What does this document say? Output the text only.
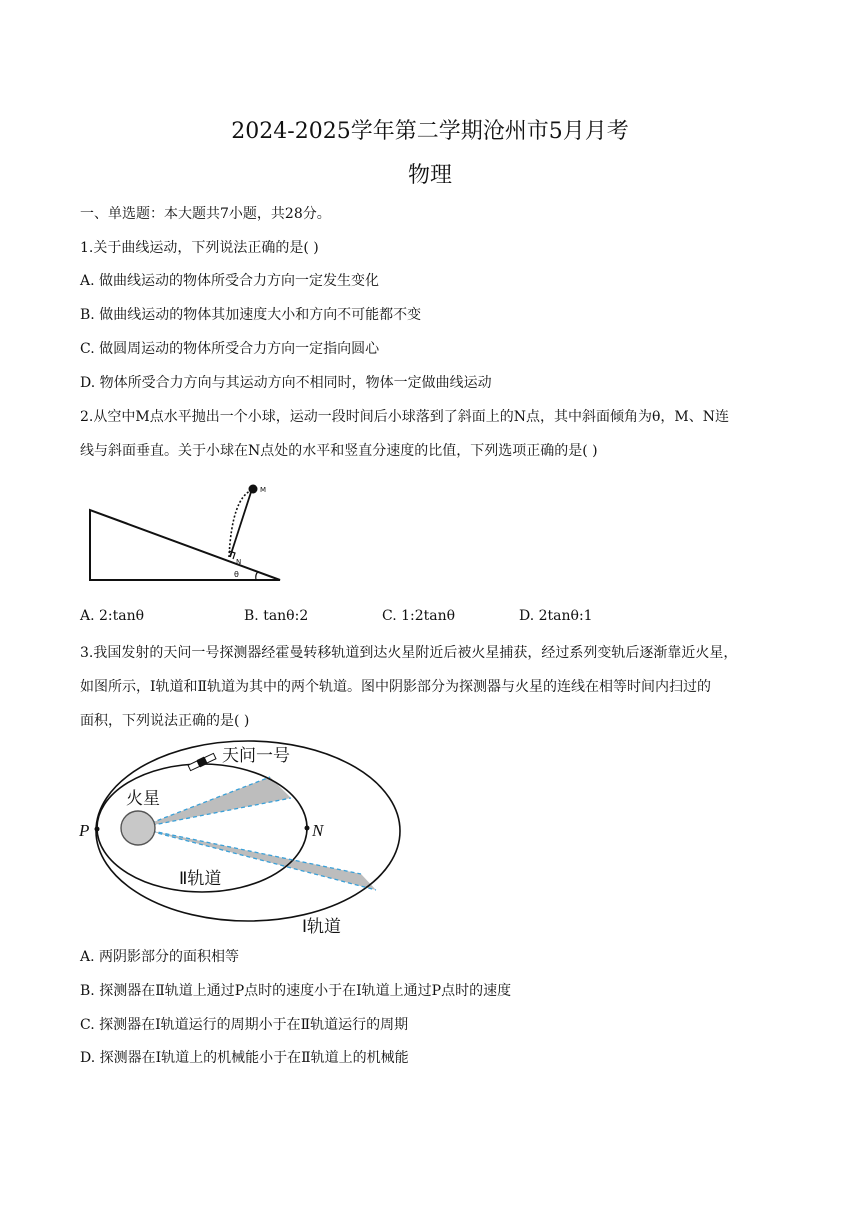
2024-2025学年第二学期沧州市5月月考
物理
一、单选题：本大题共7小题，共28分。
1.关于曲线运动，下列说法正确的是( )
A. 做曲线运动的物体所受合力方向一定发生变化
B. 做曲线运动的物体其加速度大小和方向不可能都不变
C. 做圆周运动的物体所受合力方向一定指向圆心
D. 物体所受合力方向与其运动方向不相同时，物体一定做曲线运动
2.从空中M点水平抛出一个小球，运动一段时间后小球落到了斜面上的N点，其中斜面倾角为θ，M、N连
线与斜面垂直。关于小球在N点处的水平和竖直分速度的比值，下列选项正确的是( )
M
N
θ
A. 2:tanθ	B. tanθ:2	C. 1:2tanθ	D. 2tanθ:1
3.我国发射的天问一号探测器经霍曼转移轨道到达火星附近后被火星捕获，经过系列变轨后逐渐靠近火星，
如图所示，Ⅰ轨道和Ⅱ轨道为其中的两个轨道。图中阴影部分为探测器与火星的连线在相等时间内扫过的
面积，下列说法正确的是( )
天问一号
火星
P	N
Ⅱ轨道
Ⅰ轨道
A. 两阴影部分的面积相等
B. 探测器在Ⅱ轨道上通过P点时的速度小于在Ⅰ轨道上通过P点时的速度
C. 探测器在Ⅰ轨道运行的周期小于在Ⅱ轨道运行的周期
D. 探测器在Ⅰ轨道上的机械能小于在Ⅱ轨道上的机械能
